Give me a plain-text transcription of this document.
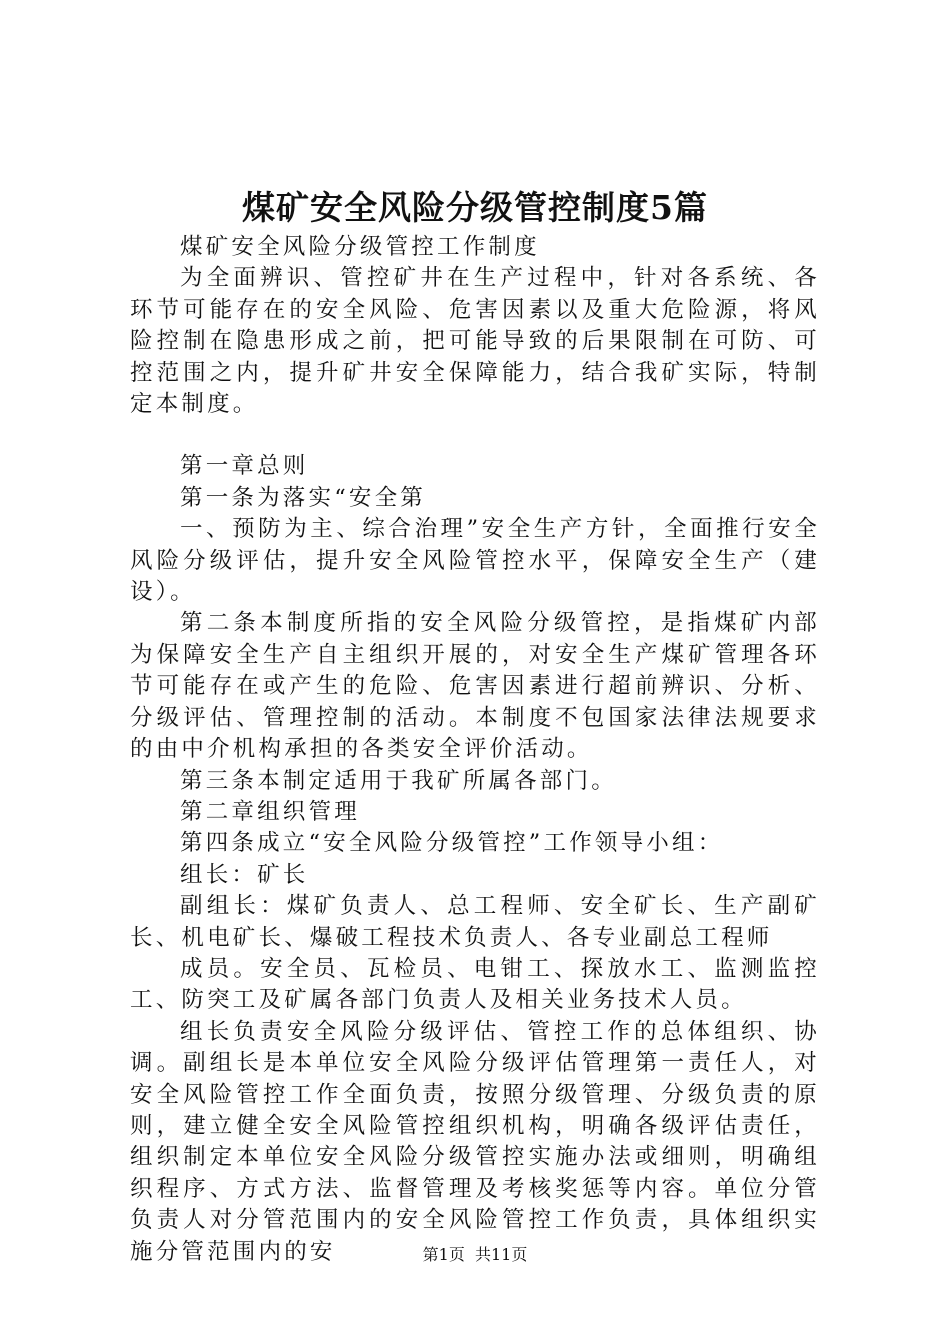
煤矿安全风险分级管控制度5篇

煤矿安全风险分级管控工作制度

为全面辨识、管控矿井在生产过程中，针对各系统、各环节可能存在的安全风险、危害因素以及重大危险源，将风险控制在隐患形成之前，把可能导致的后果限制在可防、可控范围之内，提升矿井安全保障能力，结合我矿实际，特制定本制度。

第一章总则

第一条为落实“安全第

一、预防为主、综合治理”安全生产方针，全面推行安全风险分级评估，提升安全风险管控水平，保障安全生产（建设）。

第二条本制度所指的安全风险分级管控，是指煤矿内部为保障安全生产自主组织开展的，对安全生产煤矿管理各环节可能存在或产生的危险、危害因素进行超前辨识、分析、分级评估、管理控制的活动。本制度不包国家法律法规要求的由中介机构承担的各类安全评价活动。

第三条本制定适用于我矿所属各部门。

第二章组织管理

第四条成立“安全风险分级管控”工作领导小组：

组长：矿长

副组长：煤矿负责人、总工程师、安全矿长、生产副矿长、机电矿长、爆破工程技术负责人、各专业副总工程师

成员。安全员、瓦检员、电钳工、探放水工、监测监控工、防突工及矿属各部门负责人及相关业务技术人员。

组长负责安全风险分级评估、管控工作的总体组织、协调。副组长是本单位安全风险分级评估管理第一责任人，对安全风险管控工作全面负责，按照分级管理、分级负责的原则，建立健全安全风险管控组织机构，明确各级评估责任，组织制定本单位安全风险分级管控实施办法或细则，明确组织程序、方式方法、监督管理及考核奖惩等内容。单位分管负责人对分管范围内的安全风险管控工作负责，具体组织实施分管范围内的安	第1页  共11页
